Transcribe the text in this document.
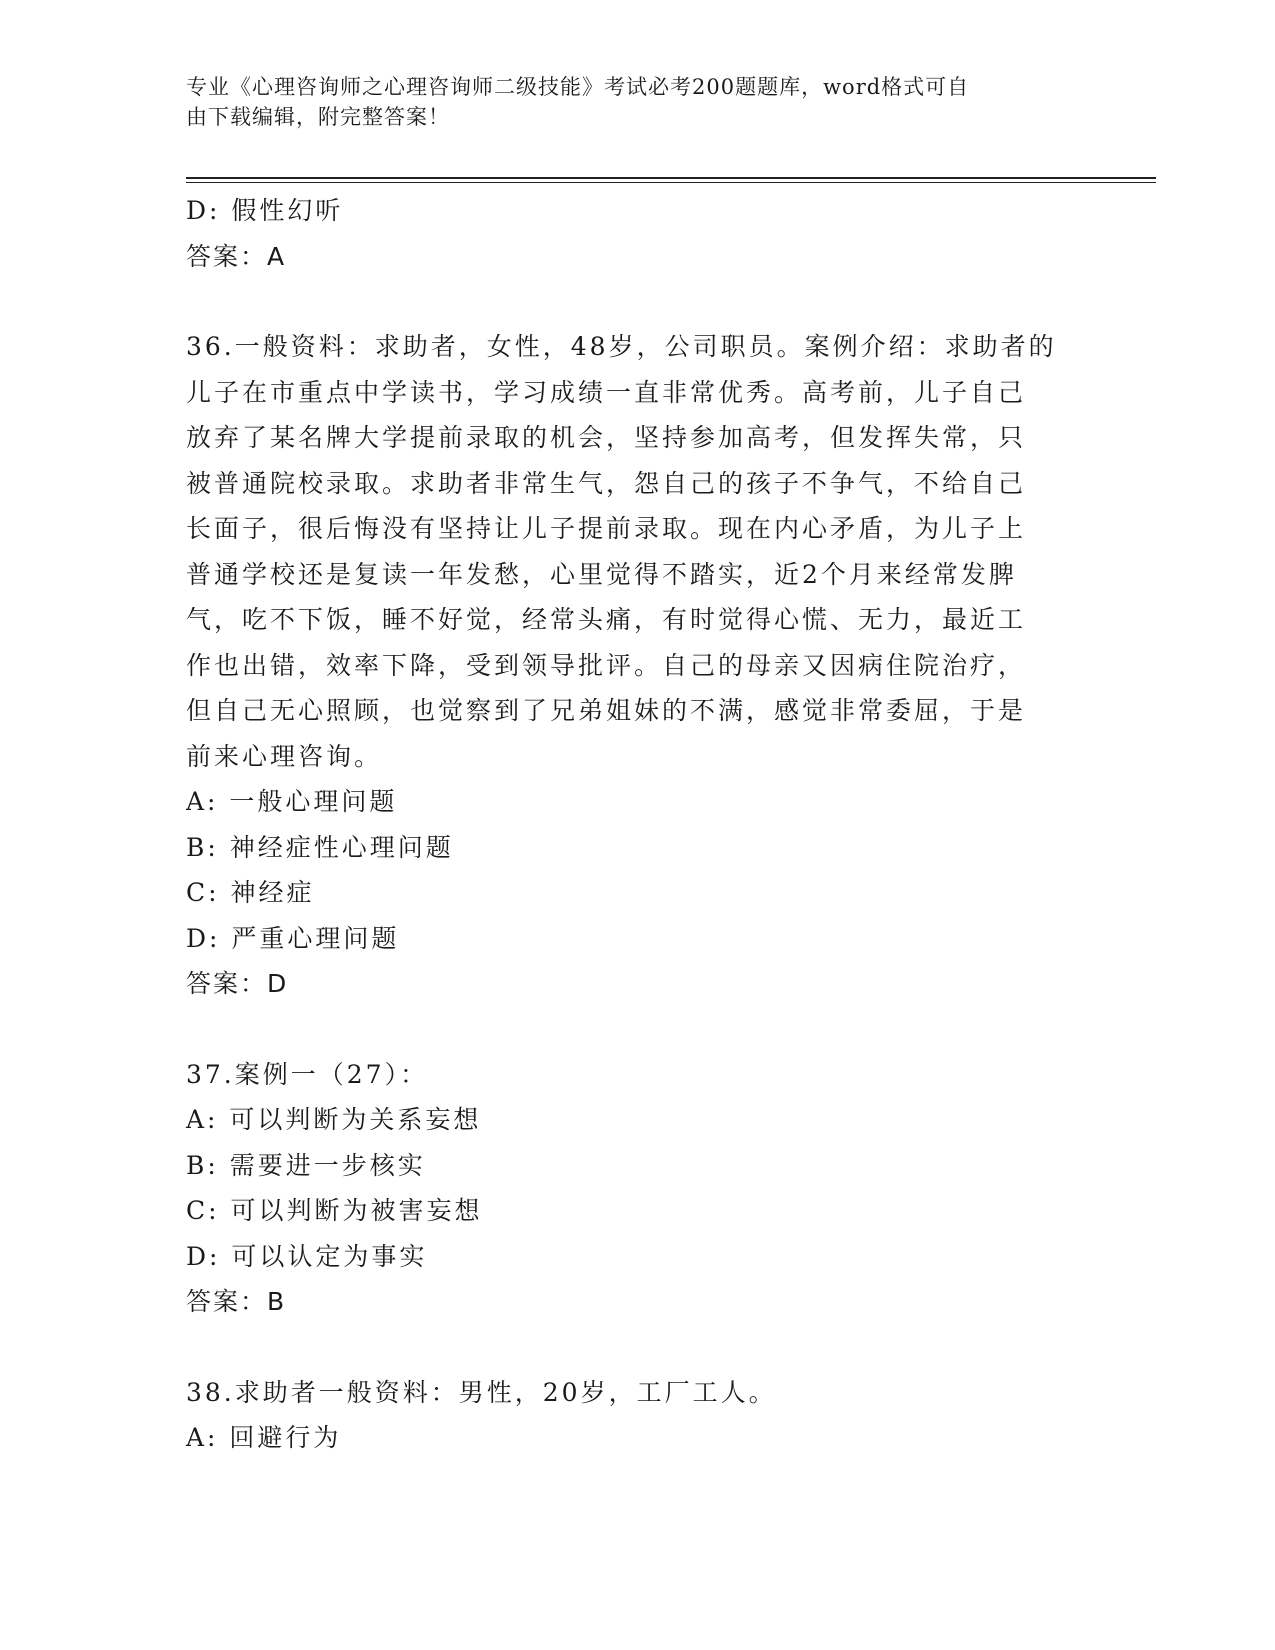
专业《心理咨询师之心理咨询师二级技能》考试必考200题题库，word格式可自
由下载编辑，附完整答案！
D: 假性幻听
答案：A
36.一般资料：求助者，女性，48岁，公司职员。案例介绍：求助者的
儿子在市重点中学读书，学习成绩一直非常优秀。高考前，儿子自己
放弃了某名牌大学提前录取的机会，坚持参加高考，但发挥失常，只
被普通院校录取。求助者非常生气，怨自己的孩子不争气，不给自己
长面子，很后悔没有坚持让儿子提前录取。现在内心矛盾，为儿子上
普通学校还是复读一年发愁，心里觉得不踏实，近2个月来经常发脾
气，吃不下饭，睡不好觉，经常头痛，有时觉得心慌、无力，最近工
作也出错，效率下降，受到领导批评。自己的母亲又因病住院治疗，
但自己无心照顾，也觉察到了兄弟姐妹的不满，感觉非常委屈，于是
前来心理咨询。
A: 一般心理问题
B: 神经症性心理问题
C: 神经症
D: 严重心理问题
答案：D
37.案例一（27）：
A: 可以判断为关系妄想
B: 需要进一步核实
C: 可以判断为被害妄想
D: 可以认定为事实
答案：B
38.求助者一般资料：男性，20岁，工厂工人。
A: 回避行为
